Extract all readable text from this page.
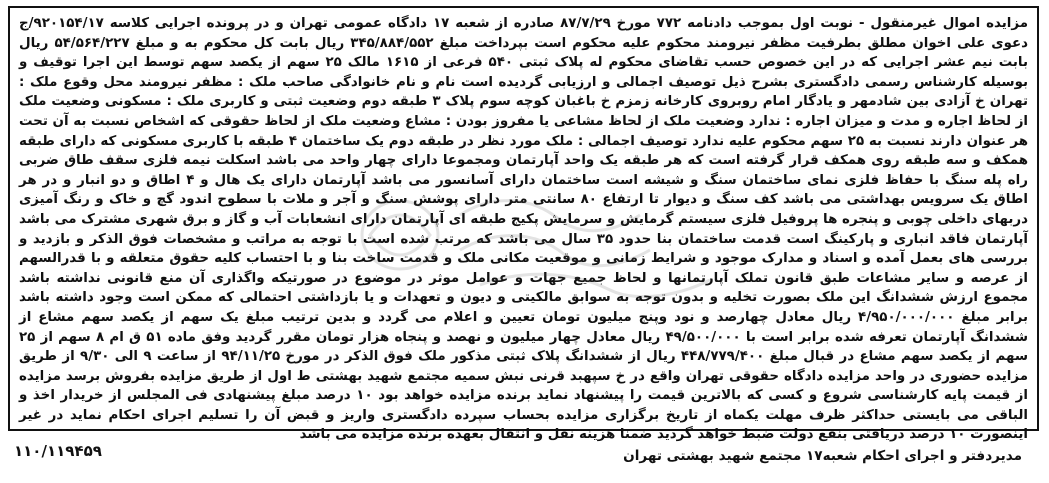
مزایده اموال غیرمنقول - نوبت اول بموجب دادنامه ۷۷۲ مورخ ۸۷/۷/۲۹ صادره از شعبه ۱۷ دادگاه عمومی تهران و در پرونده اجرایی کلاسه ۹۲۰۱۵۴/۱۷/ج دعوی علی اخوان مطلق بطرفیت مظفر نیرومند محکوم علیه محکوم است بپرداخت مبلغ ۳۴۵/۸۸۴/۵۵۲ ریال بابت کل محکوم به و مبلغ ۵۴/۵۶۴/۲۲۷ ریال بابت نیم عشر اجرایی که در این خصوص حسب تقاضای محکوم له پلاک ثبتی ۵۴۰ فرعی از ۱۶۱۵ مالک ۲۵ سهم از یکصد سهم توسط این اجرا توقیف و بوسیله کارشناس رسمی دادگستری بشرح ذیل توصیف اجمالی و ارزیابی گردیده است نام و نام خانوادگی صاحب ملک : مظفر نیرومند محل وقوع ملک : تهران خ آزادی بین شادمهر و یادگار امام روبروی کارخانه زمزم خ باغبان کوچه سوم پلاک ۳ طبقه دوم وضعیت ثبتی و کاربری ملک : مسکونی وضعیت ملک از لحاظ اجاره و مدت و میزان اجاره : ندارد وضعیت ملک از لحاظ مشاعی یا مفروز بودن : مشاع وضعیت ملک از لحاظ حقوقی که اشخاص نسبت به آن تحت هر عنوان دارند نسبت به ۲۵ سهم محکوم علیه ندارد توصیف اجمالی : ملک مورد نظر در طبقه دوم یک ساختمان ۴ طبقه با کاربری مسکونی که دارای طبقه همکف و سه طبقه روی همکف قرار گرفته است که هر طبقه یک واحد آپارتمان ومجموعا دارای چهار واحد می باشد اسکلت نیمه فلزی سقف طاق ضربی راه پله سنگ با حفاظ فلزی نمای ساختمان سنگ و شیشه است ساختمان دارای آسانسور می باشد آپارتمان دارای یک هال و ۴ اطاق و دو انبار و در هر اطاق یک سرویس بهداشتی می باشد کف سنگ و دیوار تا ارتفاع ۸۰ سانتی متر دارای پوشش سنگ و آجر و ملات با سطوح اندود گچ و خاک و رنگ آمیزی دربهای داخلی چوبی و پنجره ها پروفیل فلزی سیستم گرمایش و سرمایش پکیج طبقه ای آپارتمان دارای انشعابات آب و گاز و برق شهری مشترک می باشد آپارتمان فاقد انباری و پارکینگ است قدمت ساختمان بنا حدود ۳۵ سال می باشد که مرتب شده است با توجه به مراتب و مشخصات فوق الذکر و بازدید و بررسی های بعمل آمده و اسناد و مدارک موجود و شرایط زمانی و موقعیت مکانی ملک و قدمت ساخت بنا و با احتساب کلیه حقوق متعلقه و با قدرالسهم از عرصه و سایر مشاعات طبق قانون تملک آپارتمانها و لحاظ جمیع جهات و عوامل موثر در موضوع در صورتیکه واگذاری آن منع قانونی نداشته باشد مجموع ارزش ششدانگ این ملک بصورت تخلیه و بدون توجه به سوابق مالکیتی و دیون و تعهدات و یا بازداشتی احتمالی که ممکن است وجود داشته باشد برابر مبلغ ۴/۹۵۰/۰۰۰/۰۰۰ ریال معادل چهارصد و نود وپنج میلیون تومان تعیین و اعلام می گردد و بدین ترتیب مبلغ یک سهم از یکصد سهم مشاع از ششدانگ آپارتمان تعرفه شده برابر است با ۴۹/۵۰۰/۰۰۰ ریال معادل چهار میلیون و نهصد و پنجاه هزار تومان مقرر گردید وفق ماده ۵۱ ق ام ۸ سهم از ۲۵ سهم از یکصد سهم مشاع در قبال مبلغ ۴۴۸/۷۷۹/۴۰۰ ریال از ششدانگ پلاک ثبتی مذکور ملک فوق الذکر در مورخ ۹۴/۱۱/۲۵ از ساعت ۹ الی ۹/۳۰ از طریق مزایده حضوری در واحد مزایده دادگاه حقوقی تهران واقع در خ سپهبد قرنی نبش سمیه مجتمع شهید بهشتی ط اول از طریق مزایده بفروش برسد مزایده از قیمت پایه کارشناسی شروع و کسی که بالاترین قیمت را پیشنهاد نماید برنده مزایده خواهد بود ۱۰ درصد مبلغ پیشنهادی فی المجلس از خریدار اخذ و الباقی می بایستی حداکثر ظرف مهلت یکماه از تاریخ برگزاری مزایده بحساب سپرده دادگستری واریز و قبض آن را تسلیم اجرای احکام نماید در غیر اینصورت ۱۰ درصد دریافتی بنفع دولت ضبط خواهد گردید ضمنا هزینه نقل و انتقال بعهده برنده مزایده می باشد

مدیردفتر و اجرای احکام شعبه۱۷ مجتمع شهید بهشتی تهران
۱۱۰/۱۱۹۴۵۹
